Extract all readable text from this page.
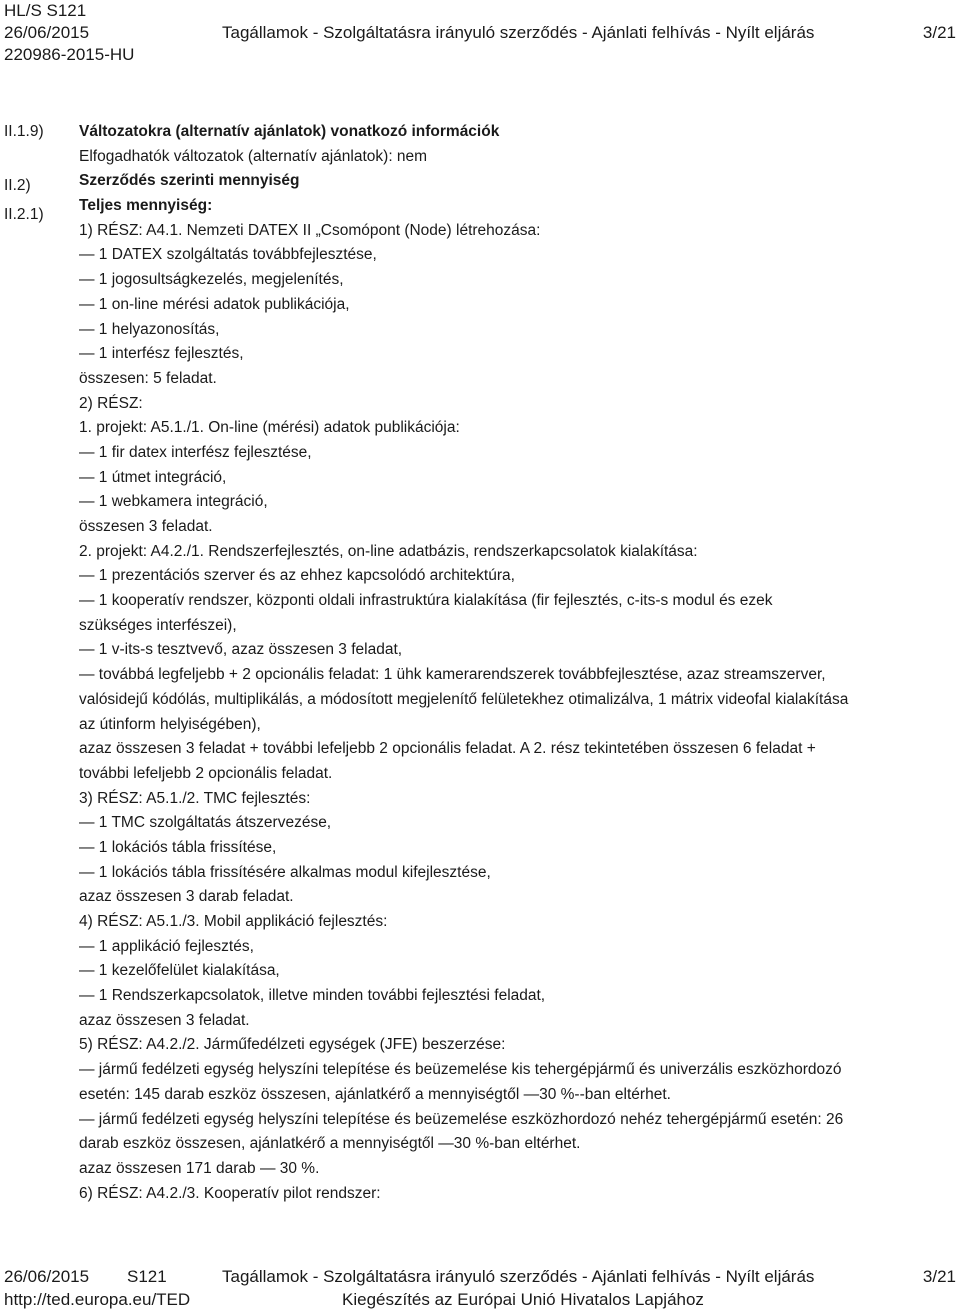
HL/S S121
26/06/2015
220986-2015-HU
Tagállamok - Szolgáltatásra irányuló szerződés - Ajánlati felhívás - Nyílt eljárás	3/21
II.1.9)
II.2)
II.2.1)
Változatokra (alternatív ajánlatok) vonatkozó információk
Elfogadhatók változatok (alternatív ajánlatok): nem
Szerződés szerinti mennyiség
Teljes mennyiség:
1) RÉSZ: A4.1. Nemzeti DATEX II „Csomópont (Node) létrehozása:
— 1 DATEX szolgáltatás továbbfejlesztése,
— 1 jogosultságkezelés, megjelenítés,
— 1 on-line mérési adatok publikációja,
— 1 helyazonosítás,
— 1 interfész fejlesztés,
összesen: 5 feladat.
2) RÉSZ:
1. projekt: A5.1./1. On-line (mérési) adatok publikációja:
— 1 fir datex interfész fejlesztése,
— 1 útmet integráció,
— 1 webkamera integráció,
összesen 3 feladat.
2. projekt: A4.2./1. Rendszerfejlesztés, on-line adatbázis, rendszerkapcsolatok kialakítása:
— 1 prezentációs szerver és az ehhez kapcsolódó architektúra,
— 1 kooperatív rendszer, központi oldali infrastruktúra kialakítása (fir fejlesztés, c-its-s modul és ezek
szükséges interfészei),
— 1 v-its-s tesztvevő, azaz összesen 3 feladat,
— továbbá legfeljebb + 2 opcionális feladat: 1 ühk kamerarendszerek továbbfejlesztése, azaz streamszerver,
valósidejű kódólás, multiplikálás, a módosított megjelenítő felületekhez otimalizálva, 1 mátrix videofal kialakítása
az útinform helyiségében),
azaz összesen 3 feladat + további lefeljebb 2 opcionális feladat. A 2. rész tekintetében összesen 6 feladat +
további lefeljebb 2 opcionális feladat.
3) RÉSZ: A5.1./2. TMC fejlesztés:
— 1 TMC szolgáltatás átszervezése,
— 1 lokációs tábla frissítése,
— 1 lokációs tábla frissítésére alkalmas modul kifejlesztése,
azaz összesen 3 darab feladat.
4) RÉSZ: A5.1./3. Mobil applikáció fejlesztés:
— 1 applikáció fejlesztés,
— 1 kezelőfelület kialakítása,
— 1 Rendszerkapcsolatok, illetve minden további fejlesztési feladat,
azaz összesen 3 feladat.
5) RÉSZ: A4.2./2. Járműfedélzeti egységek (JFE) beszerzése:
— jármű fedélzeti egység helyszíni telepítése és beüzemelése kis tehergépjármű és univerzális eszközhordozó
esetén: 145 darab eszköz összesen, ajánlatkérő a mennyiségtől —30 %--ban eltérhet.
— jármű fedélzeti egység helyszíni telepítése és beüzemelése eszközhordozó nehéz tehergépjármű esetén: 26
darab eszköz összesen, ajánlatkérő a mennyiségtől —30 %-ban eltérhet.
azaz összesen 171 darab — 30 %.
6) RÉSZ: A4.2./3. Kooperatív pilot rendszer:
26/06/2015 S121	Tagállamok - Szolgáltatásra irányuló szerződés - Ajánlati felhívás - Nyílt eljárás	3/21
http://ted.europa.eu/TED	Kiegészítés az Európai Unió Hivatalos Lapjához
